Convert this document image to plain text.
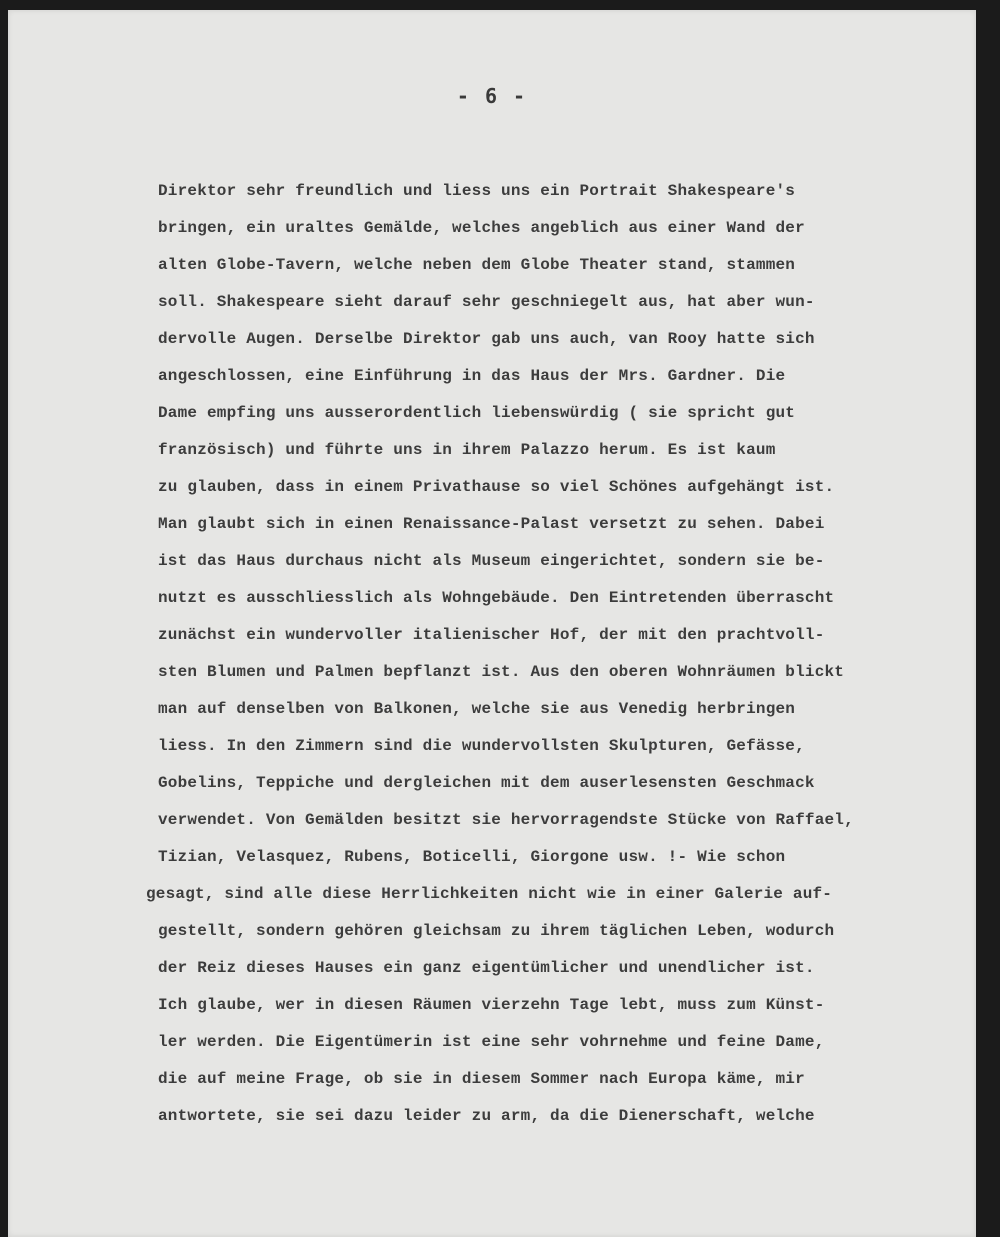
- 6 -
Direktor sehr freundlich und liess uns ein Portrait Shakespeare's
bringen, ein uraltes Gemälde, welches angeblich aus einer Wand der
alten Globe-Tavern, welche neben dem Globe Theater stand, stammen
soll. Shakespeare sieht darauf sehr geschniegelt aus, hat aber wun-
dervolle Augen. Derselbe Direktor gab uns auch, van Rooy hatte sich
angeschlossen, eine Einführung in das Haus der Mrs. Gardner. Die
Dame empfing uns ausserordentlich liebenswürdig ( sie spricht gut
französisch) und führte uns in ihrem Palazzo herum. Es ist kaum
zu glauben, dass in einem Privathause so viel Schönes aufgehängt ist.
Man glaubt sich in einen Renaissance-Palast versetzt zu sehen. Dabei
ist das Haus durchaus nicht als Museum eingerichtet, sondern sie be-
nutzt es ausschliesslich als Wohngebäude. Den Eintretenden überrascht
zunächst ein wundervoller italienischer Hof, der mit den prachtvoll-
sten Blumen und Palmen bepflanzt ist. Aus den oberen Wohnräumen blickt
man auf denselben von Balkonen, welche sie aus Venedig herbringen
liess. In den Zimmern sind die wundervollsten Skulpturen, Gefässe,
Gobelins, Teppiche und dergleichen mit dem auserlesensten Geschmack
verwendet. Von Gemälden besitzt sie hervorragendste Stücke von Raffael,
Tizian, Velasquez, Rubens, Boticelli, Giorgone usw. !- Wie schon
gesagt, sind alle diese Herrlichkeiten nicht wie in einer Galerie auf-
gestellt, sondern gehören gleichsam zu ihrem täglichen Leben, wodurch
der Reiz dieses Hauses ein ganz eigentümlicher und unendlicher ist.
Ich glaube, wer in diesen Räumen vierzehn Tage lebt, muss zum Künst-
ler werden. Die Eigentümerin ist eine sehr vohrnehme und feine Dame,
die auf meine Frage, ob sie in diesem Sommer nach Europa käme, mir
antwortete, sie sei dazu leider zu arm, da die Dienerschaft, welche
